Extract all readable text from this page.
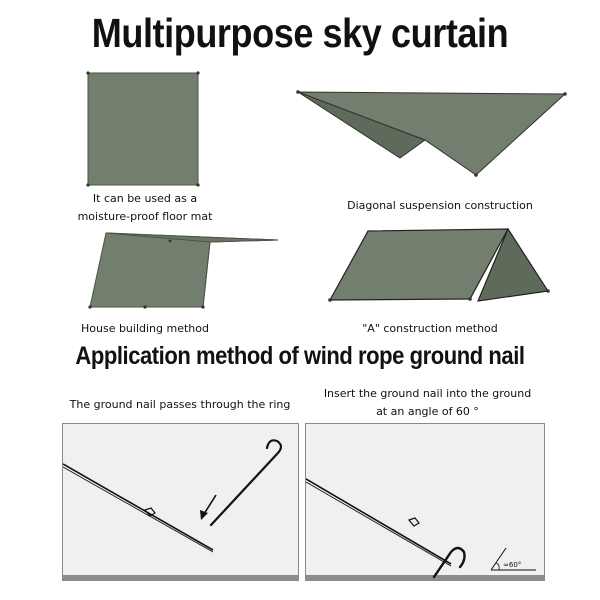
Multipurpose sky curtain
It can be used as a
moisture-proof floor mat
Diagonal suspension construction
House building method	"A" construction method
Application method of wind rope ground nail
The ground nail passes through the ring
Insert the ground nail into the ground
at an angle of 60 °
≈60°
